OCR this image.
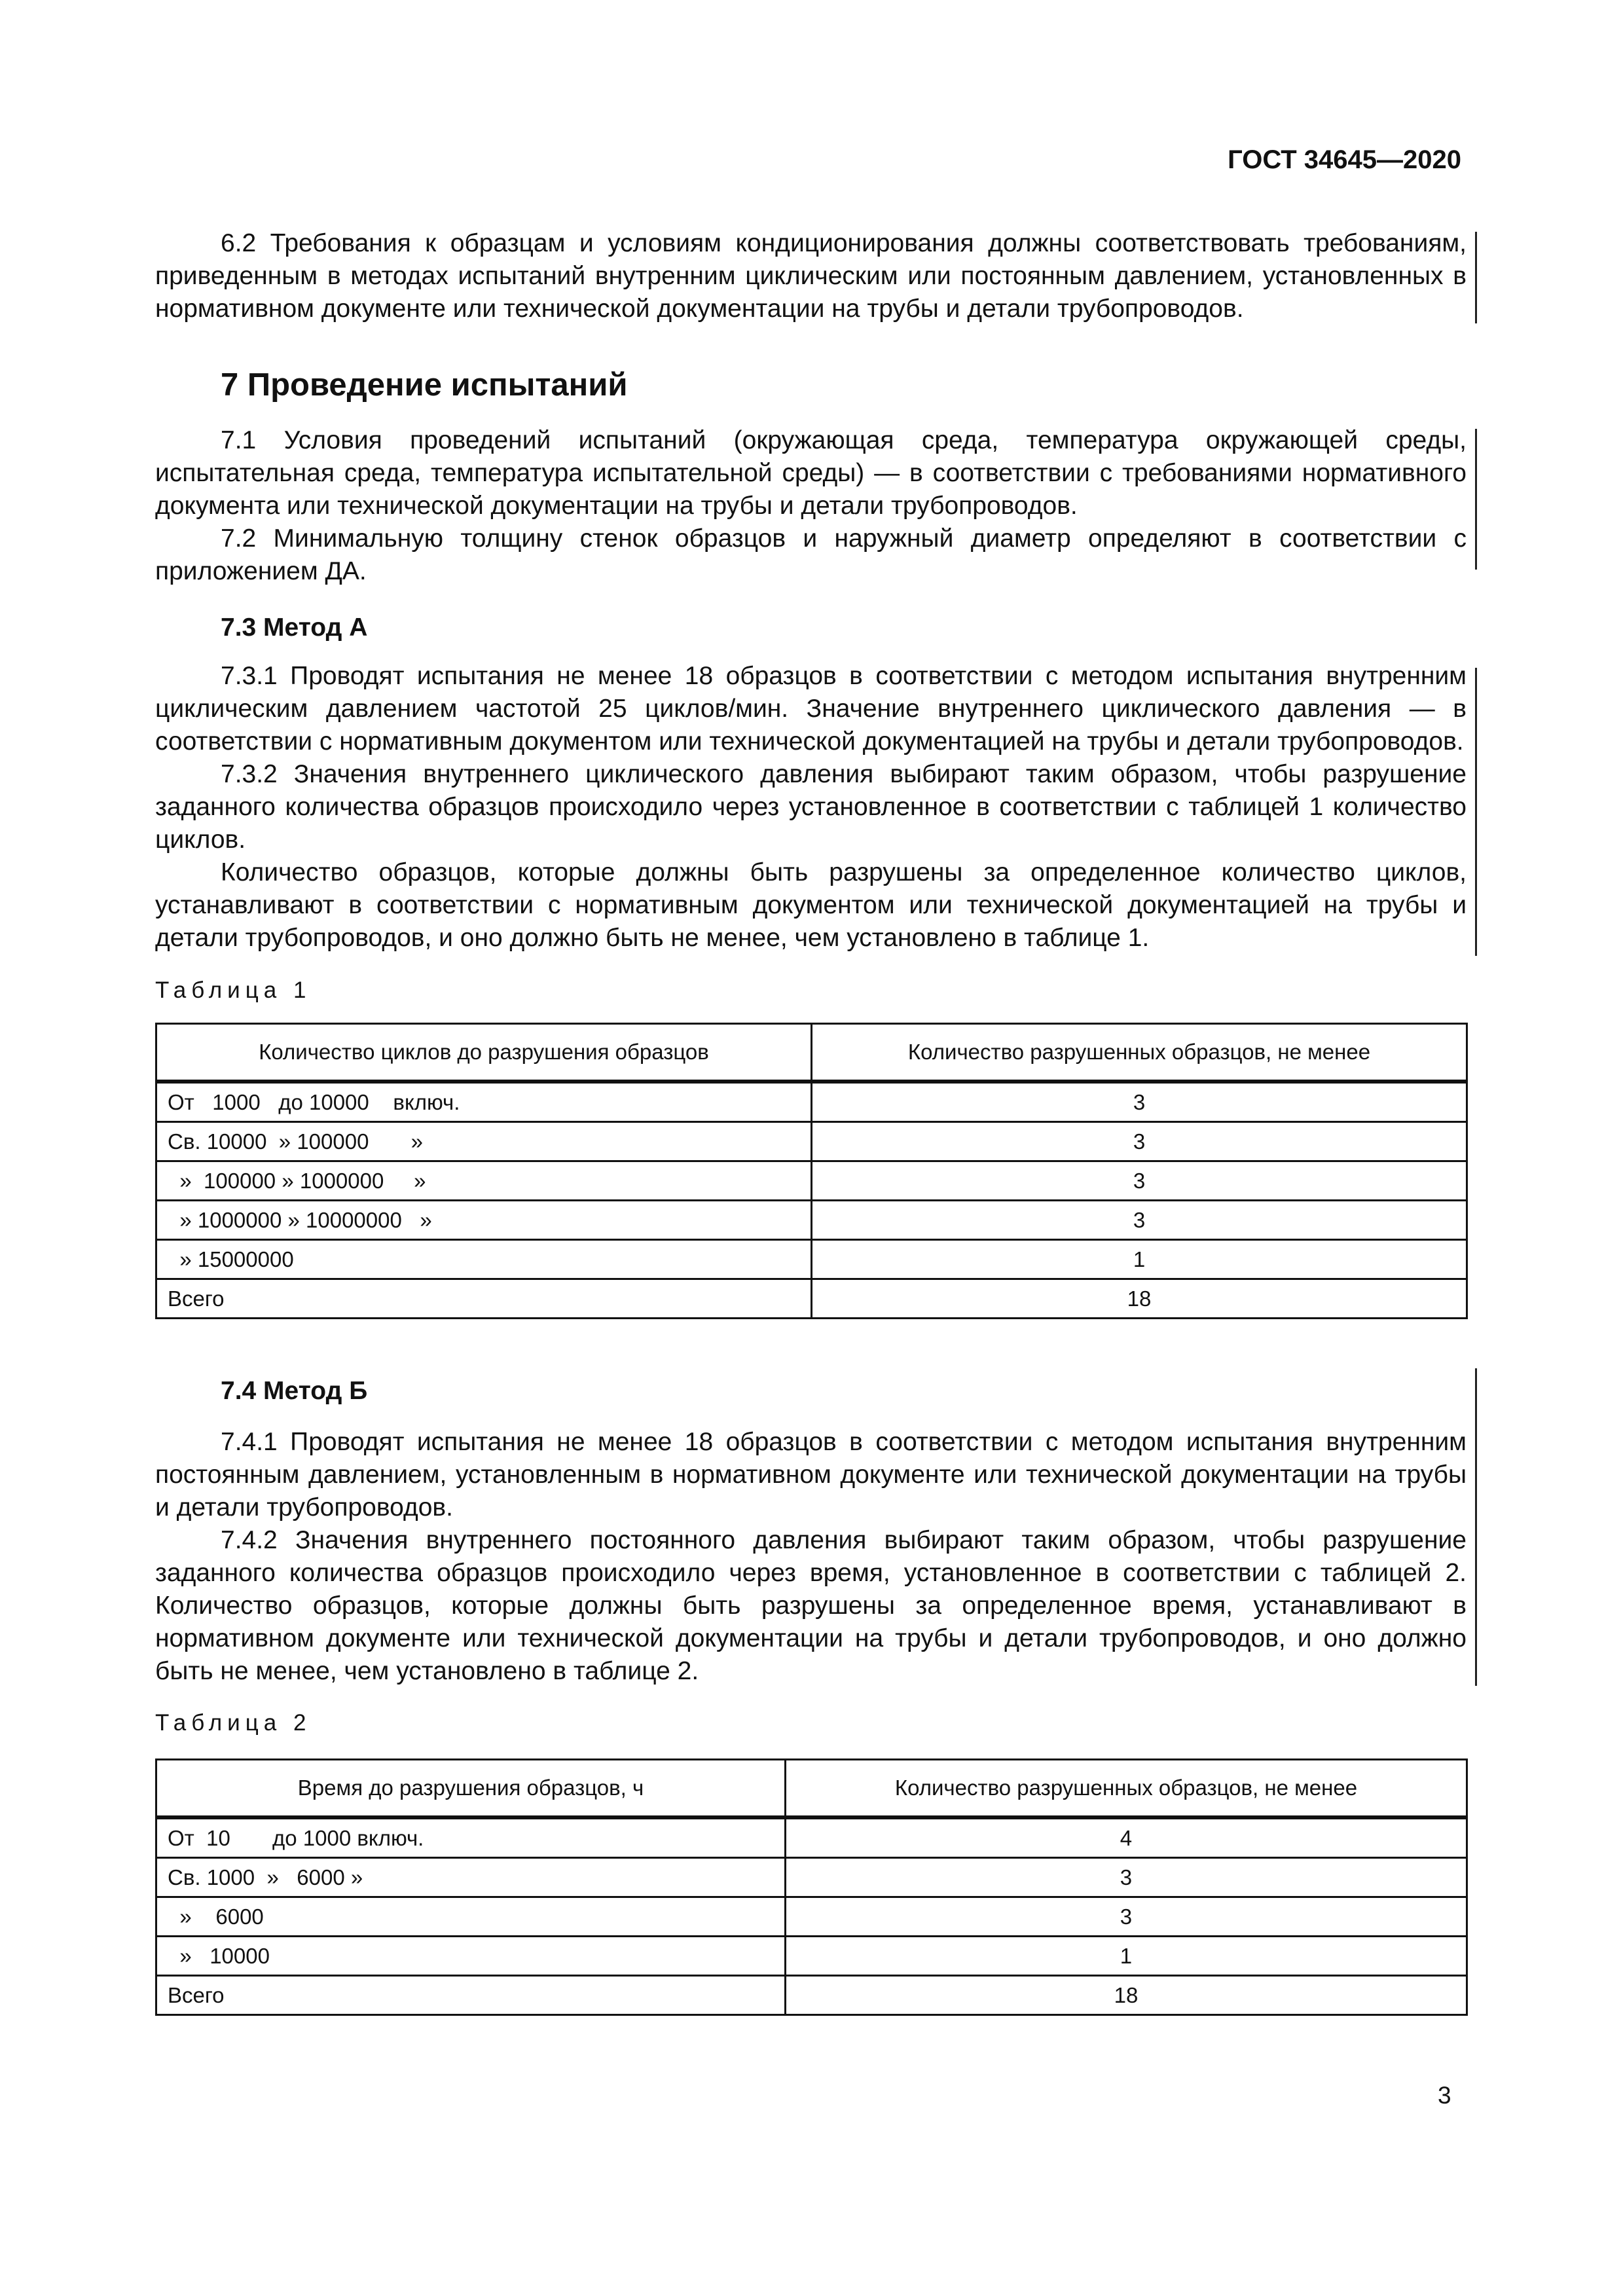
ГОСТ 34645—2020

6.2 Требования к образцам и условиям кондиционирования должны соответствовать требованиям, приведенным в методах испытаний внутренним циклическим или постоянным давлением, установленных в нормативном документе или технической документации на трубы и детали трубопроводов.

7 Проведение испытаний

7.1 Условия проведений испытаний (окружающая среда, температура окружающей среды, испытательная среда, температура испытательной среды) — в соответствии с требованиями нормативного документа или технической документации на трубы и детали трубопроводов.

7.2 Минимальную толщину стенок образцов и наружный диаметр определяют в соответствии с приложением ДА.

7.3 Метод А

7.3.1 Проводят испытания не менее 18 образцов в соответствии с методом испытания внутренним циклическим давлением частотой 25 циклов/мин. Значение внутреннего циклического давления — в соответствии с нормативным документом или технической документацией на трубы и детали трубопроводов.

7.3.2 Значения внутреннего циклического давления выбирают таким образом, чтобы разрушение заданного количества образцов происходило через установленное в соответствии с таблицей 1 количество циклов.

Количество образцов, которые должны быть разрушены за определенное количество циклов, устанавливают в соответствии с нормативным документом или технической документацией на трубы и детали трубопроводов, и оно должно быть не менее, чем установлено в таблице 1.

Таблица 1
Количество циклов до разрушения образцов	Количество разрушенных образцов, не менее
От   1000   до 10000    включ.	3
Св. 10000  » 100000       »	3
»  100000 » 1000000     »	3
» 1000000 » 10000000   »	3
» 15000000	1
Всего	18
7.4 Метод Б

7.4.1 Проводят испытания не менее 18 образцов в соответствии с методом испытания внутренним постоянным давлением, установленным в нормативном документе или технической документации на трубы и детали трубопроводов.

7.4.2 Значения внутреннего постоянного давления выбирают таким образом, чтобы разрушение заданного количества образцов происходило через время, установленное в соответствии с таблицей 2. Количество образцов, которые должны быть разрушены за определенное время, устанавливают в нормативном документе или технической документации на трубы и детали трубопроводов, и оно должно быть не менее, чем установлено в таблице 2.

Таблица 2
Время до разрушения образцов, ч	Количество разрушенных образцов, не менее
От  10       до 1000 включ.	4
Св. 1000  »   6000 »	3
»    6000	3
»   10000	1
Всего	18
3
